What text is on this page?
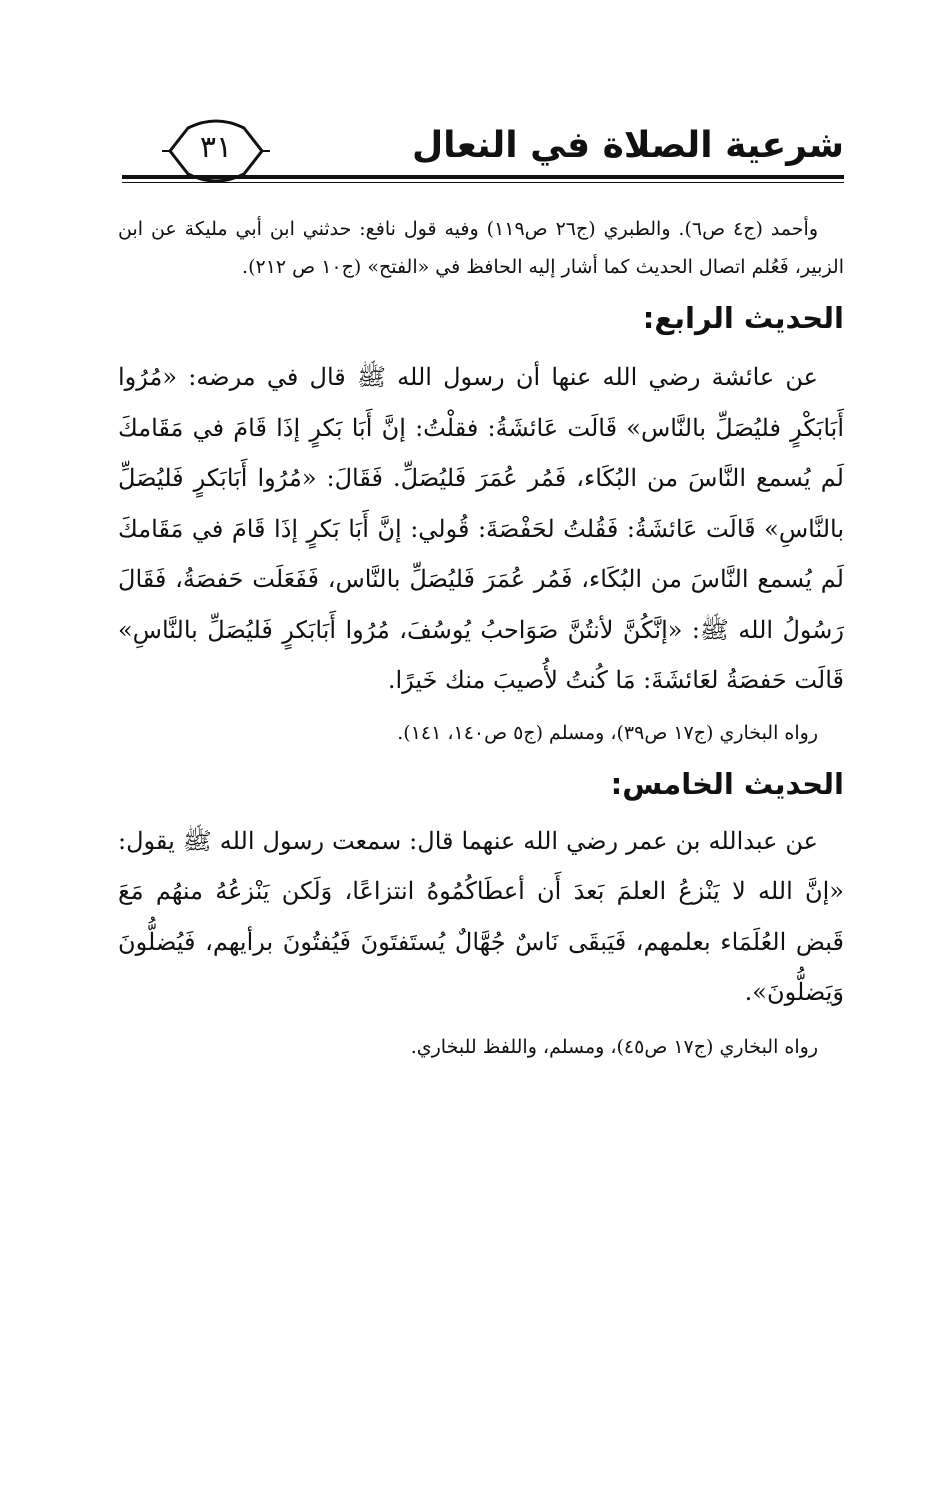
٣١	شرعية الصلاة في النعال

وأحمد (ج٤ ص٦). والطبري (ج٢٦ ص١١٩) وفيه قول نافع: حدثني ابن أبي مليكة عن ابن الزبير، فَعُلم اتصال الحديث كما أشار إليه الحافظ في «الفتح» (ج١٠ ص ٢١٢).

الحديث الرابع:

عن عائشة رضي الله عنها أن رسول الله ﷺ قال في مرضه: «مُرُوا أَبَابَكْرٍ فليُصَلِّ بالنَّاس» قَالَت عَائشَةُ: فقلْتُ: إنَّ أَبَا بَكرٍ إذَا قَامَ في مَقَامكَ لَم يُسمع النَّاسَ من البُكَاء، فَمُر عُمَرَ فَليُصَلِّ. فَقَالَ: «مُرُوا أَبَابَكرٍ فَليُصَلِّ بالنَّاسِ» قَالَت عَائشَةُ: فَقُلتُ لحَفْصَةَ: قُولي: إنَّ أَبَا بَكرٍ إذَا قَامَ في مَقَامكَ لَم يُسمع النَّاسَ من البُكَاء، فَمُر عُمَرَ فَليُصَلِّ بالنَّاس، فَفَعَلَت حَفصَةُ، فَقَالَ رَسُولُ الله ﷺ: «إنَّكُنَّ لأنتُنَّ صَوَاحبُ يُوسُفَ، مُرُوا أَبَابَكرٍ فَليُصَلِّ بالنَّاسِ» قَالَت حَفصَةُ لعَائشَةَ: مَا كُنتُ لأُصيبَ منك خَيرًا.

رواه البخاري (ج١٧ ص٣٩)، ومسلم (ج٥ ص١٤٠، ١٤١).

الحديث الخامس:

عن عبدالله بن عمر رضي الله عنهما قال: سمعت رسول الله ﷺ يقول: «إنَّ الله لا يَنْزعُ العلمَ بَعدَ أَن أعطَاكُمُوهُ انتزاعًا، وَلَكن يَنْزعُهُ منهُم مَعَ قَبض العُلَمَاء بعلمهم، فَيَبقَى نَاسٌ جُهَّالٌ يُستَفتَونَ فَيُفتُونَ برأيهم، فَيُضلُّونَ وَيَضلُّونَ».

رواه البخاري (ج١٧ ص٤٥)، ومسلم، واللفظ للبخاري.
